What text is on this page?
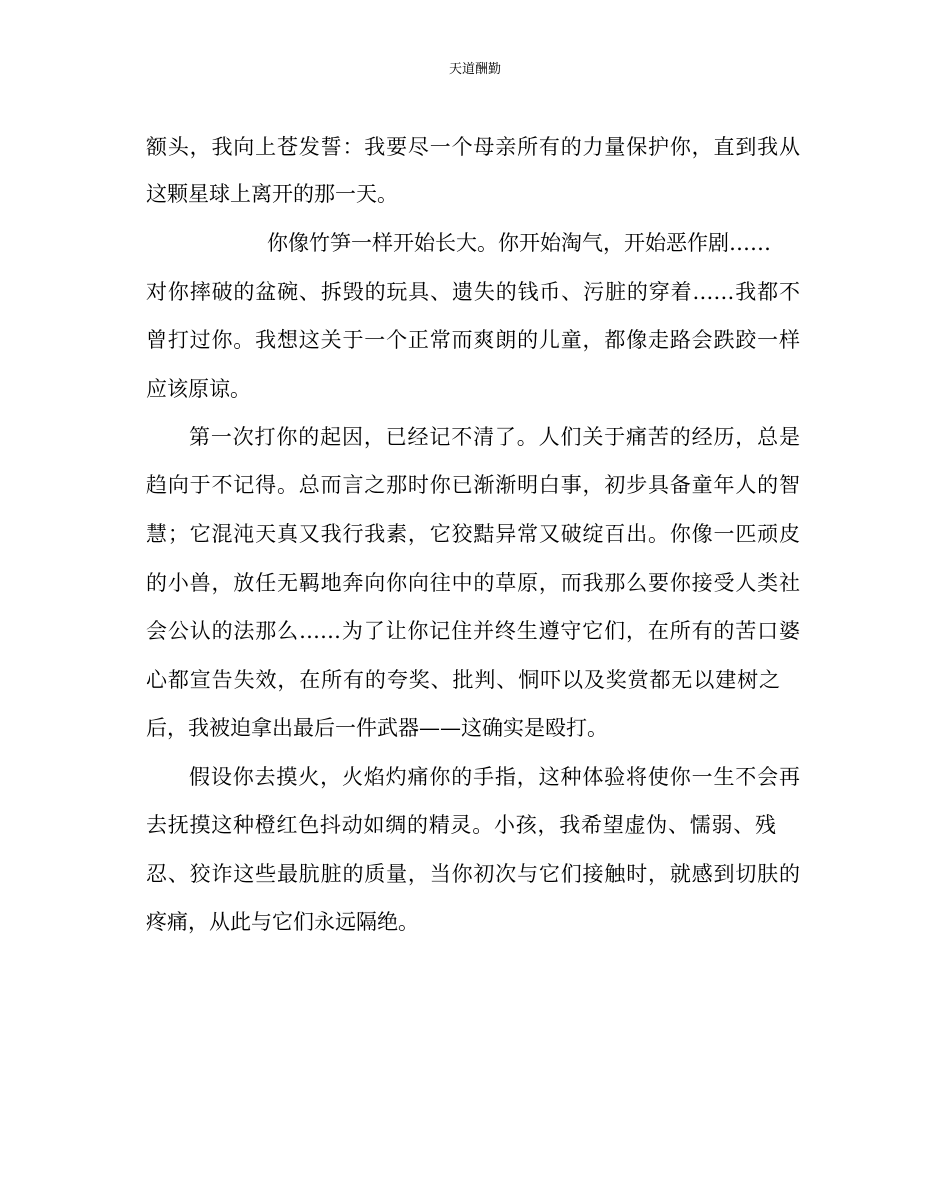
天道酬勤
额头，我向上苍发誓：我要尽一个母亲所有的力量保护你，直到我从
这颗星球上离开的那一天。
你像竹笋一样开始长大。你开始淘气，开始恶作剧……
对你摔破的盆碗、拆毁的玩具、遗失的钱币、污脏的穿着……我都不
曾打过你。我想这关于一个正常而爽朗的儿童，都像走路会跌跤一样
应该原谅。
第一次打你的起因，已经记不清了。人们关于痛苦的经历，总是
趋向于不记得。总而言之那时你已渐渐明白事，初步具备童年人的智
慧；它混沌天真又我行我素，它狡黠异常又破绽百出。你像一匹顽皮
的小兽，放任无羁地奔向你向往中的草原，而我那么要你接受人类社
会公认的法那么……为了让你记住并终生遵守它们，在所有的苦口婆
心都宣告失效，在所有的夸奖、批判、恫吓以及奖赏都无以建树之
后，我被迫拿出最后一件武器——这确实是殴打。
假设你去摸火，火焰灼痛你的手指，这种体验将使你一生不会再
去抚摸这种橙红色抖动如绸的精灵。小孩，我希望虚伪、懦弱、残
忍、狡诈这些最肮脏的质量，当你初次与它们接触时，就感到切肤的
疼痛，从此与它们永远隔绝。
